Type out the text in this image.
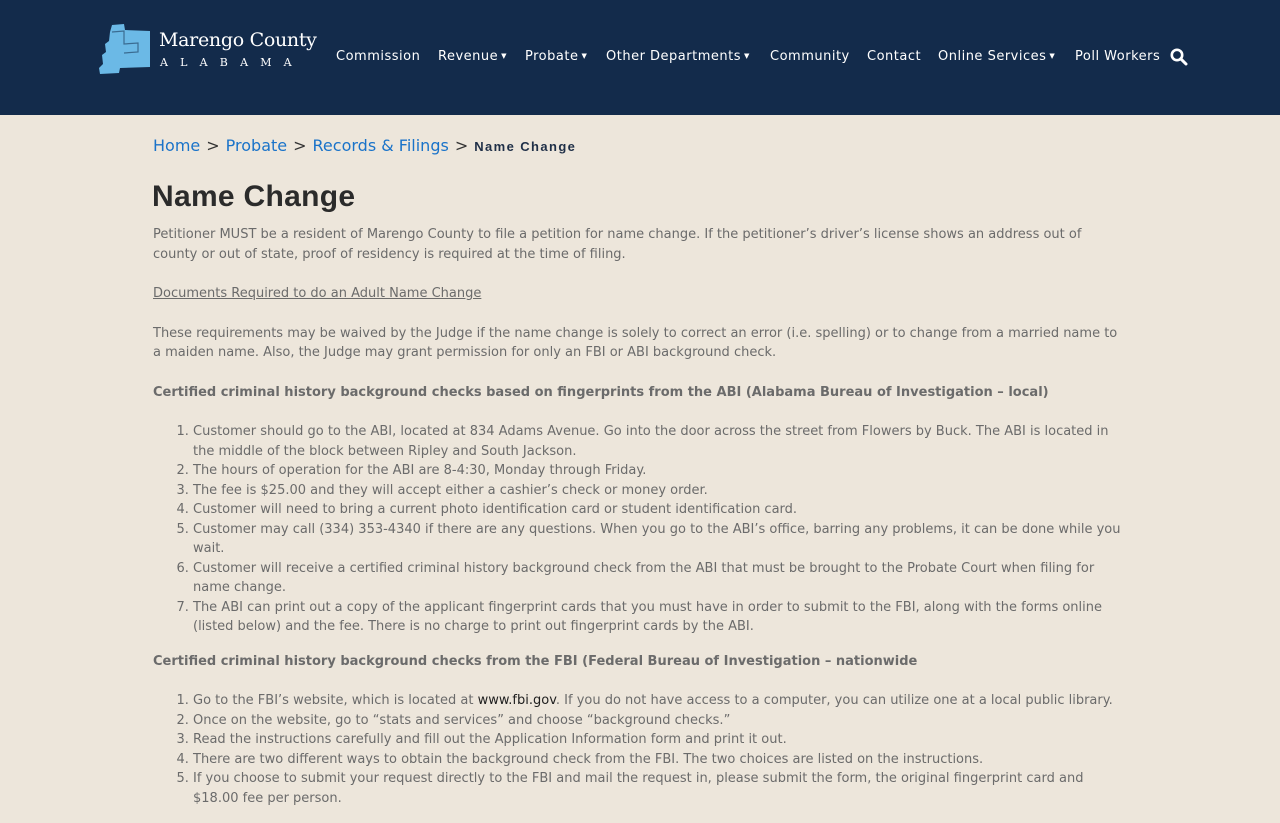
Marengo County
ALABAMA Commission Revenue ▼ Probate ▼ Other Departments ▼ Community Contact Online Services ▼ Poll Workers
Home > Probate > Records & Filings > Name Change
Name Change

Petitioner MUST be a resident of Marengo County to file a petition for name change. If the petitioner’s driver’s license shows an address out of county or out of state, proof of residency is required at the time of filing.

Documents Required to do an Adult Name Change

These requirements may be waived by the Judge if the name change is solely to correct an error (i.e. spelling) or to change from a married name to a maiden name. Also, the Judge may grant permission for only an FBI or ABI background check.

Certified criminal history background checks based on fingerprints from the ABI (Alabama Bureau of Investigation – local)

1. Customer should go to the ABI, located at 834 Adams Avenue. Go into the door across the street from Flowers by Buck. The ABI is located in the middle of the block between Ripley and South Jackson.
2. The hours of operation for the ABI are 8-4:30, Monday through Friday.
3. The fee is $25.00 and they will accept either a cashier’s check or money order.
4. Customer will need to bring a current photo identification card or student identification card.
5. Customer may call (334) 353-4340 if there are any questions. When you go to the ABI’s office, barring any problems, it can be done while you wait.
6. Customer will receive a certified criminal history background check from the ABI that must be brought to the Probate Court when filing for name change.
7. The ABI can print out a copy of the applicant fingerprint cards that you must have in order to submit to the FBI, along with the forms online (listed below) and the fee. There is no charge to print out fingerprint cards by the ABI.

Certified criminal history background checks from the FBI (Federal Bureau of Investigation – nationwide

1. Go to the FBI’s website, which is located at www.fbi.gov. If you do not have access to a computer, you can utilize one at a local public library.
2. Once on the website, go to “stats and services” and choose “background checks.”
3. Read the instructions carefully and fill out the Application Information form and print it out.
4. There are two different ways to obtain the background check from the FBI. The two choices are listed on the instructions.
5. If you choose to submit your request directly to the FBI and mail the request in, please submit the form, the original fingerprint card and $18.00 fee per person.
